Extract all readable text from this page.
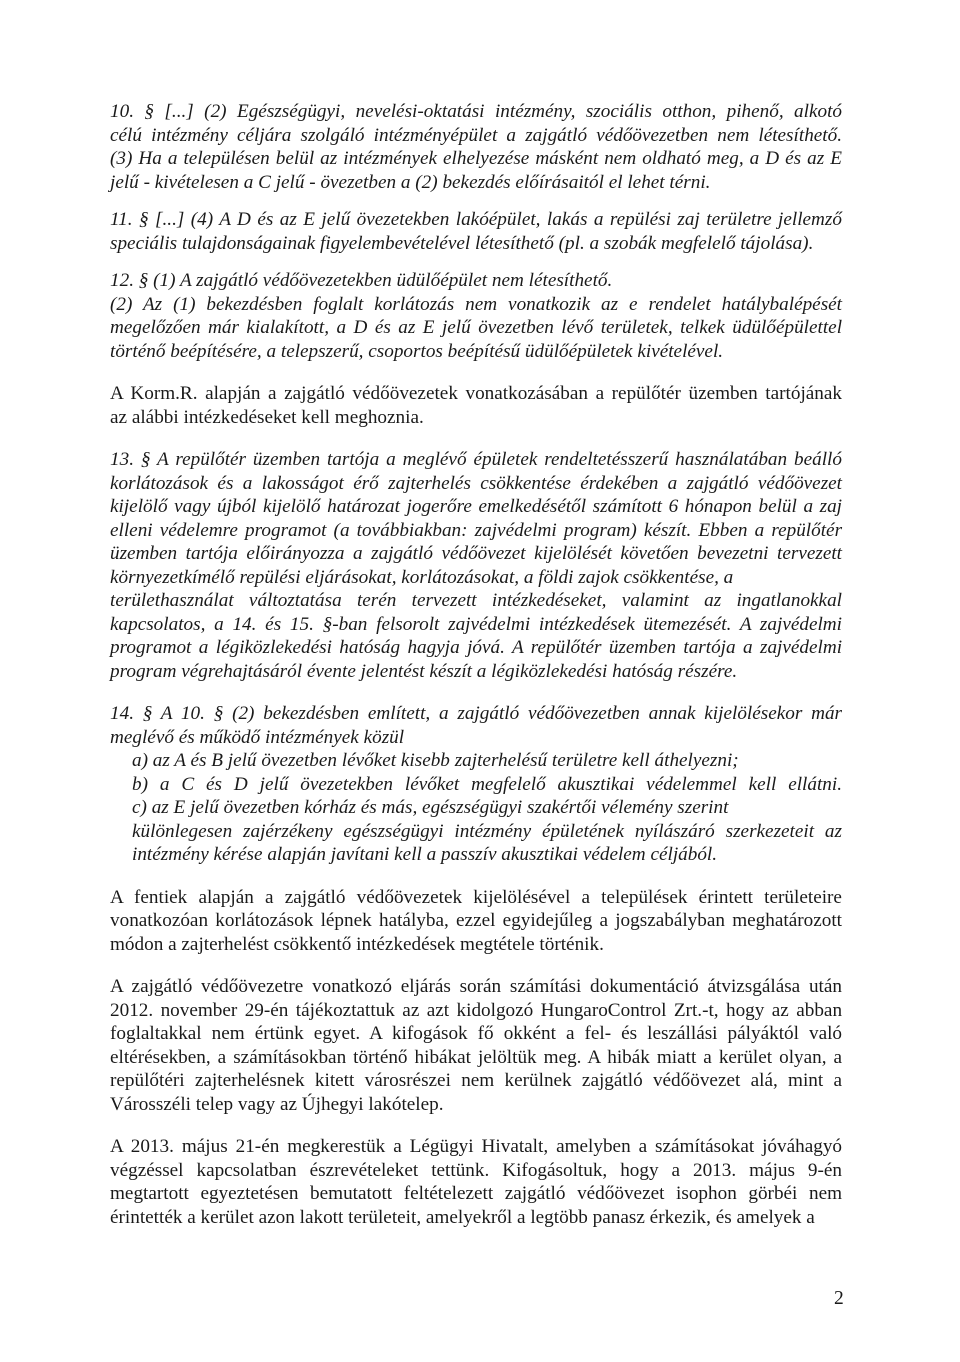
10. § [...] (2) Egészségügyi, nevelési-oktatási intézmény, szociális otthon, pihenő, alkotó
célú intézmény céljára szolgáló intézményépület a zajgátló védőövezetben nem létesíthető.
(3) Ha a településen belül az intézmények elhelyezése másként nem oldható meg, a D és az E
jelű - kivételesen a C jelű - övezetben a (2) bekezdés előírásaitól el lehet térni.
11. § [...] (4) A D és az E jelű övezetekben lakóépület, lakás a repülési zaj területre jellemző
speciális tulajdonságainak figyelembevételével létesíthető (pl. a szobák megfelelő tájolása).
12. § (1) A zajgátló védőövezetekben üdülőépület nem létesíthető.
(2) Az (1) bekezdésben foglalt korlátozás nem vonatkozik az e rendelet hatálybalépését
megelőzően már kialakított, a D és az E jelű övezetben lévő területek, telkek üdülőépülettel
történő beépítésére, a telepszerű, csoportos beépítésű üdülőépületek kivételével.
A Korm.R. alapján a zajgátló védőövezetek vonatkozásában a repülőtér üzemben tartójának
az alábbi intézkedéseket kell meghoznia.
13. § A repülőtér üzemben tartója a meglévő épületek rendeltetésszerű használatában beálló
korlátozások és a lakosságot érő zajterhelés csökkentése érdekében a zajgátló védőövezet
kijelölő vagy újból kijelölő határozat jogerőre emelkedésétől számított 6 hónapon belül a zaj
elleni védelemre programot (a továbbiakban: zajvédelmi program) készít. Ebben a repülőtér
üzemben tartója előirányozza a zajgátló védőövezet kijelölését követően bevezetni tervezett
környezetkímélő repülési eljárásokat, korlátozásokat, a földi zajok csökkentése, a
területhasználat változtatása terén tervezett intézkedéseket, valamint az ingatlanokkal
kapcsolatos, a 14. és 15. §-ban felsorolt zajvédelmi intézkedések ütemezését. A zajvédelmi
programot a légiközlekedési hatóság hagyja jóvá. A repülőtér üzemben tartója a zajvédelmi
program végrehajtásáról évente jelentést készít a légiközlekedési hatóság részére.
14. § A 10. § (2) bekezdésben említett, a zajgátló védőövezetben annak kijelölésekor már
meglévő és működő intézmények közül
a) az A és B jelű övezetben lévőket kisebb zajterhelésű területre kell áthelyezni;
b) a C és D jelű övezetekben lévőket megfelelő akusztikai védelemmel kell ellátni.
c) az E jelű övezetben kórház és más, egészségügyi szakértői vélemény szerint
különlegesen zajérzékeny egészségügyi intézmény épületének nyílászáró szerkezeteit az
intézmény kérése alapján javítani kell a passzív akusztikai védelem céljából.
A fentiek alapján a zajgátló védőövezetek kijelölésével a települések érintett területeire
vonatkozóan korlátozások lépnek hatályba, ezzel egyidejűleg a jogszabályban meghatározott
módon a zajterhelést csökkentő intézkedések megtétele történik.
A zajgátló védőövezetre vonatkozó eljárás során számítási dokumentáció átvizsgálása után
2012. november 29-én tájékoztattuk az azt kidolgozó HungaroControl Zrt.-t, hogy az abban
foglaltakkal nem értünk egyet. A kifogások fő okként a fel- és leszállási pályáktól való
eltérésekben, a számításokban történő hibákat jelöltük meg. A hibák miatt a kerület olyan, a
repülőtéri zajterhelésnek kitett városrészei nem kerülnek zajgátló védőövezet alá, mint a
Városszéli telep vagy az Újhegyi lakótelep.
A 2013. május 21-én megkerestük a Légügyi Hivatalt, amelyben a számításokat jóváhagyó
végzéssel kapcsolatban észrevételeket tettünk. Kifogásoltuk, hogy a 2013. május 9-én
megtartott egyeztetésen bemutatott feltételezett zajgátló védőövezet isophon görbéi nem
érintették a kerület azon lakott területeit, amelyekről a legtöbb panasz érkezik, és amelyek a
2
